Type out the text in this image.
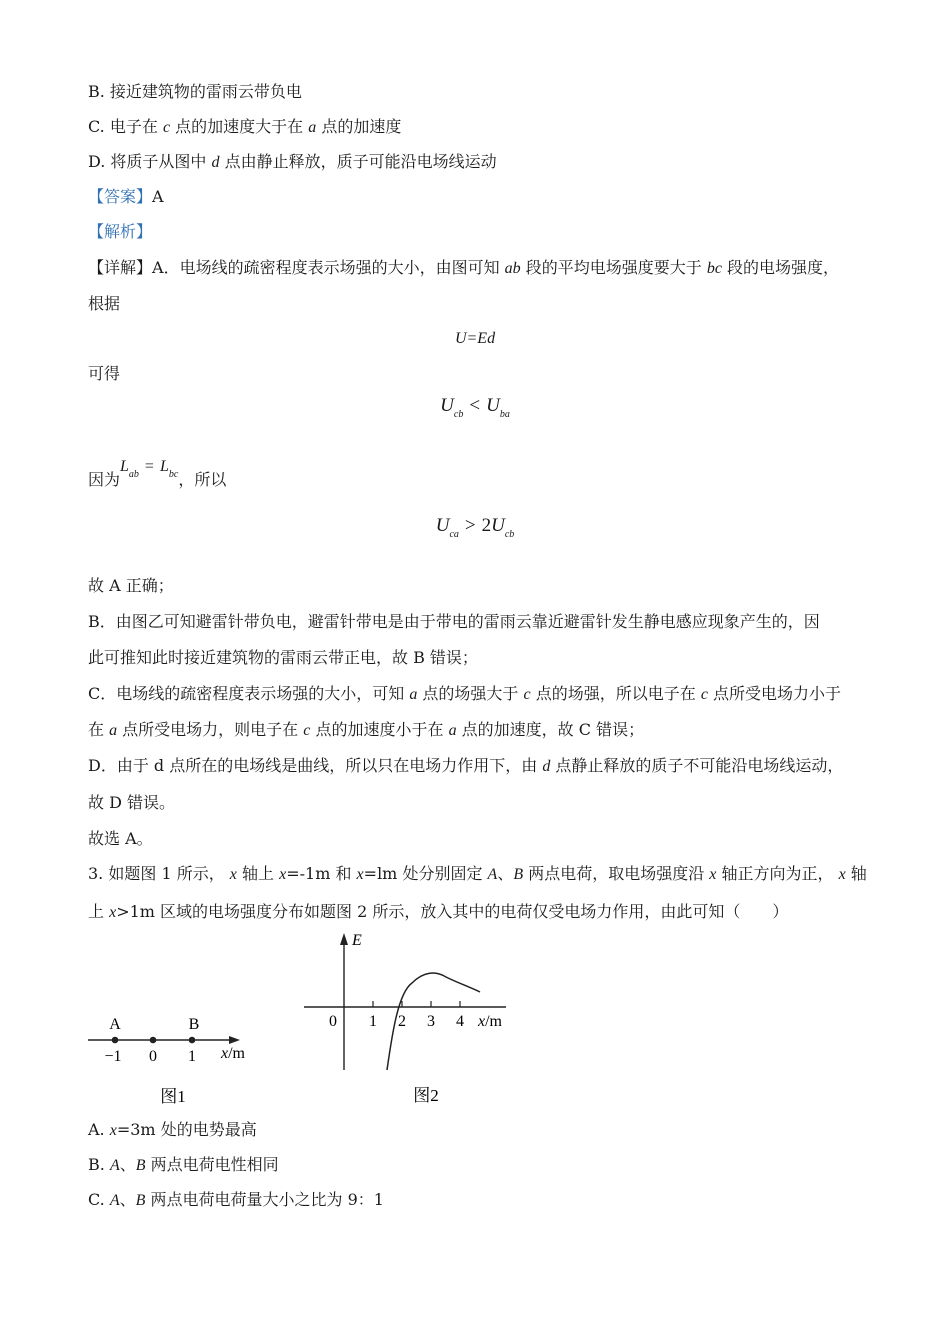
B. 接近建筑物的雷雨云带负电
C. 电子在 c 点的加速度大于在 a 点的加速度
D. 将质子从图中 d 点由静止释放，质子可能沿电场线运动
【答案】A
【解析】
【详解】A．电场线的疏密程度表示场强的大小，由图可知 ab 段的平均电场强度要大于 bc 段的电场强度，
根据
U=Ed
可得
$U_{cb} < U_{ba}$
因为$L_{ab} = L_{bc}$，所以
$U_{ca} > 2U_{cb}$
故 A 正确；
B．由图乙可知避雷针带负电，避雷针带电是由于带电的雷雨云靠近避雷针发生静电感应现象产生的，因
此可推知此时接近建筑物的雷雨云带正电，故 B 错误；
C．电场线的疏密程度表示场强的大小，可知 a 点的场强大于 c 点的场强，所以电子在 c 点所受电场力小于
在 a 点所受电场力，则电子在 c 点的加速度小于在 a 点的加速度，故 C 错误；
D．由于 d 点所在的电场线是曲线，所以只在电场力作用下，由 d 点静止释放的质子不可能沿电场线运动，
故 D 错误。
故选 A。
3. 如题图 1 所示， x 轴上 x=-1m 和 x=lm 处分别固定 A、B 两点电荷，取电场强度沿 x 轴正方向为正， x 轴
上 x>1m 区域的电场强度分布如题图 2 所示，放入其中的电荷仅受电场力作用，由此可知（　　）
A	B
−1 0 1 x/m
图1
E
0 1 2 3 4 x/m
图2
A. x=3m 处的电势最高
B. A、B 两点电荷电性相同
C. A、B 两点电荷电荷量大小之比为 9：1
